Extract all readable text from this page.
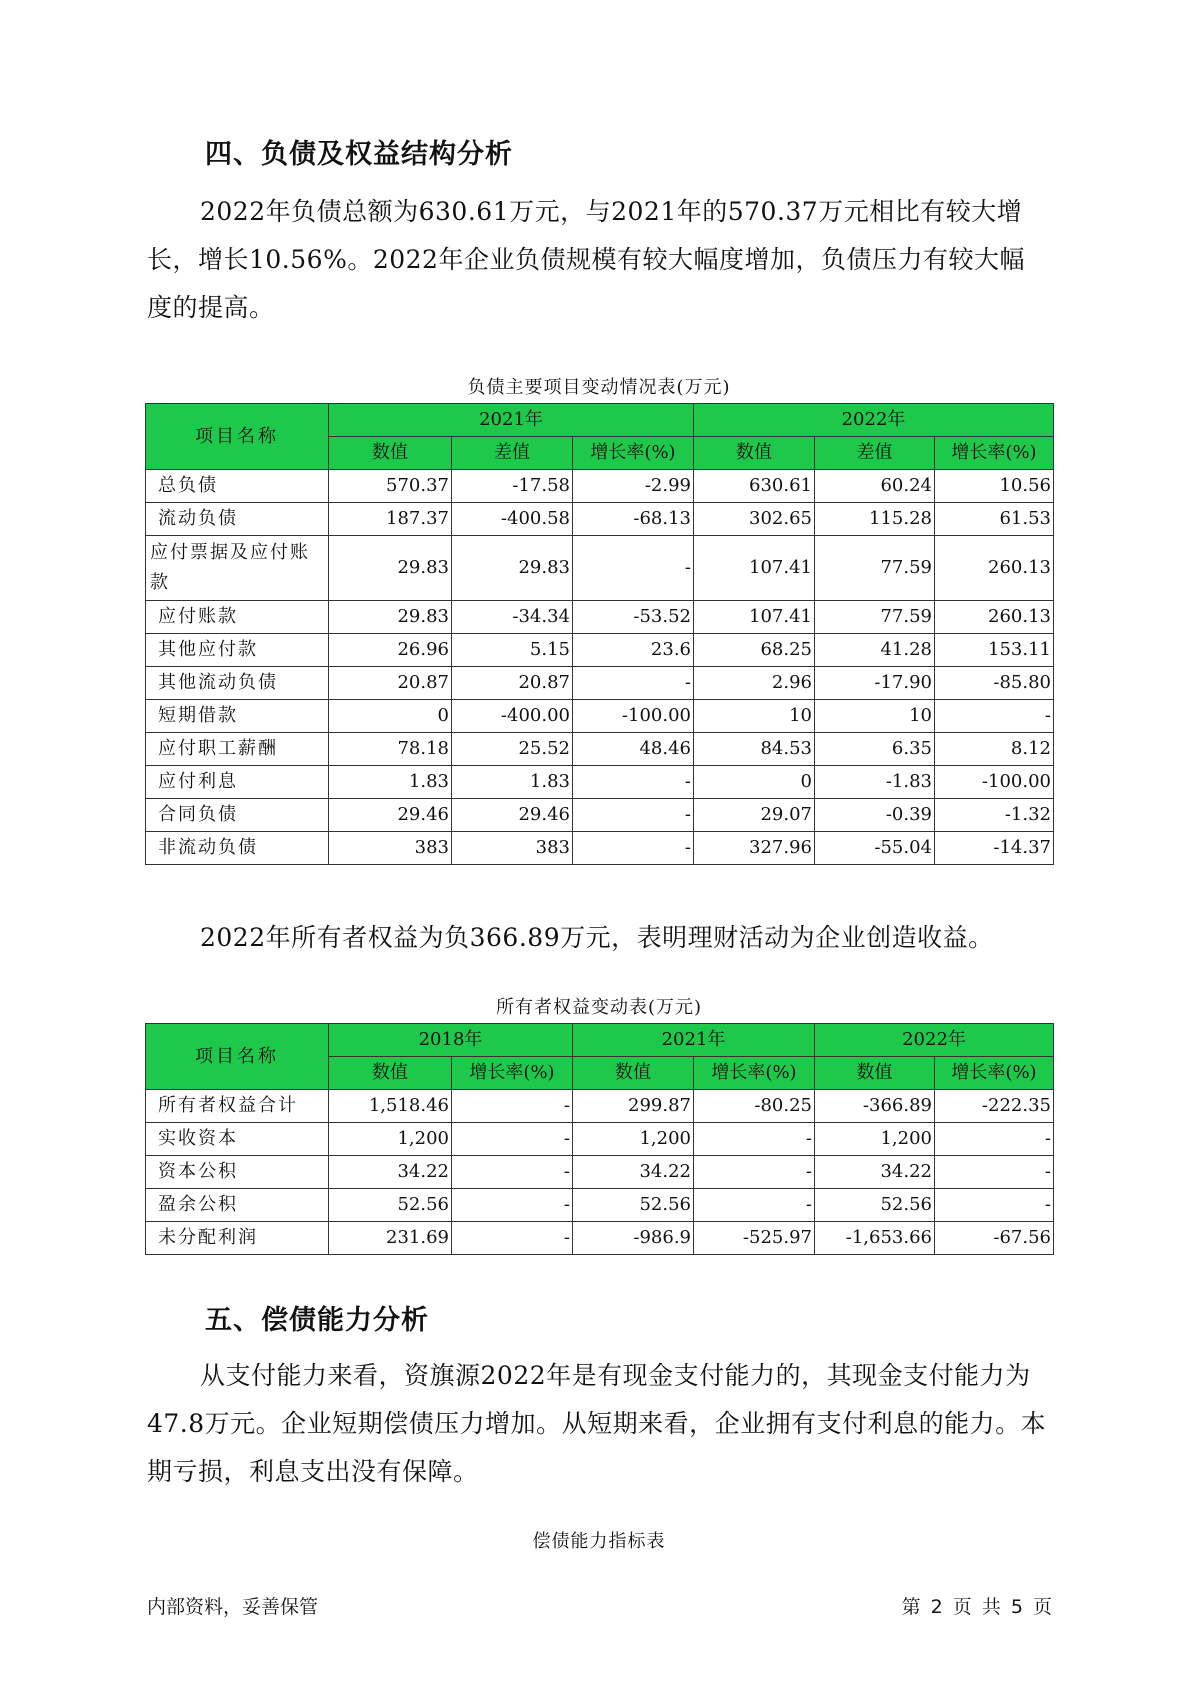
四、负债及权益结构分析

2022年负债总额为630.61万元，与2021年的570.37万元相比有较大增长，增长10.56%。2022年企业负债规模有较大幅度增加，负债压力有较大幅度的提高。

负债主要项目变动情况表(万元)
项目名称	2021年			2022年		
	数值	差值	增长率(%)	数值	差值	增长率(%)
总负债	570.37	-17.58	-2.99	630.61	60.24	10.56
流动负债	187.37	-400.58	-68.13	302.65	115.28	61.53
应付票据及应付账款	29.83	29.83	-	107.41	77.59	260.13
应付账款	29.83	-34.34	-53.52	107.41	77.59	260.13
其他应付款	26.96	5.15	23.6	68.25	41.28	153.11
其他流动负债	20.87	20.87	-	2.96	-17.90	-85.80
短期借款	0	-400.00	-100.00	10	10	-
应付职工薪酬	78.18	25.52	48.46	84.53	6.35	8.12
应付利息	1.83	1.83	-	0	-1.83	-100.00
合同负债	29.46	29.46	-	29.07	-0.39	-1.32
非流动负债	383	383	-	327.96	-55.04	-14.37

2022年所有者权益为负366.89万元，表明理财活动为企业创造收益。

所有者权益变动表(万元)
项目名称	2018年		2021年		2022年	
	数值	增长率(%)	数值	增长率(%)	数值	增长率(%)
所有者权益合计	1,518.46	-	299.87	-80.25	-366.89	-222.35
实收资本	1,200	-	1,200	-	1,200	-
资本公积	34.22	-	34.22	-	34.22	-
盈余公积	52.56	-	52.56	-	52.56	-
未分配利润	231.69	-	-986.9	-525.97	-1,653.66	-67.56
五、偿债能力分析

从支付能力来看，资旗源2022年是有现金支付能力的，其现金支付能力为47.8万元。企业短期偿债压力增加。从短期来看，企业拥有支付利息的能力。本期亏损，利息支出没有保障。

偿债能力指标表
内部资料，妥善保管	第 2 页 共 5 页
